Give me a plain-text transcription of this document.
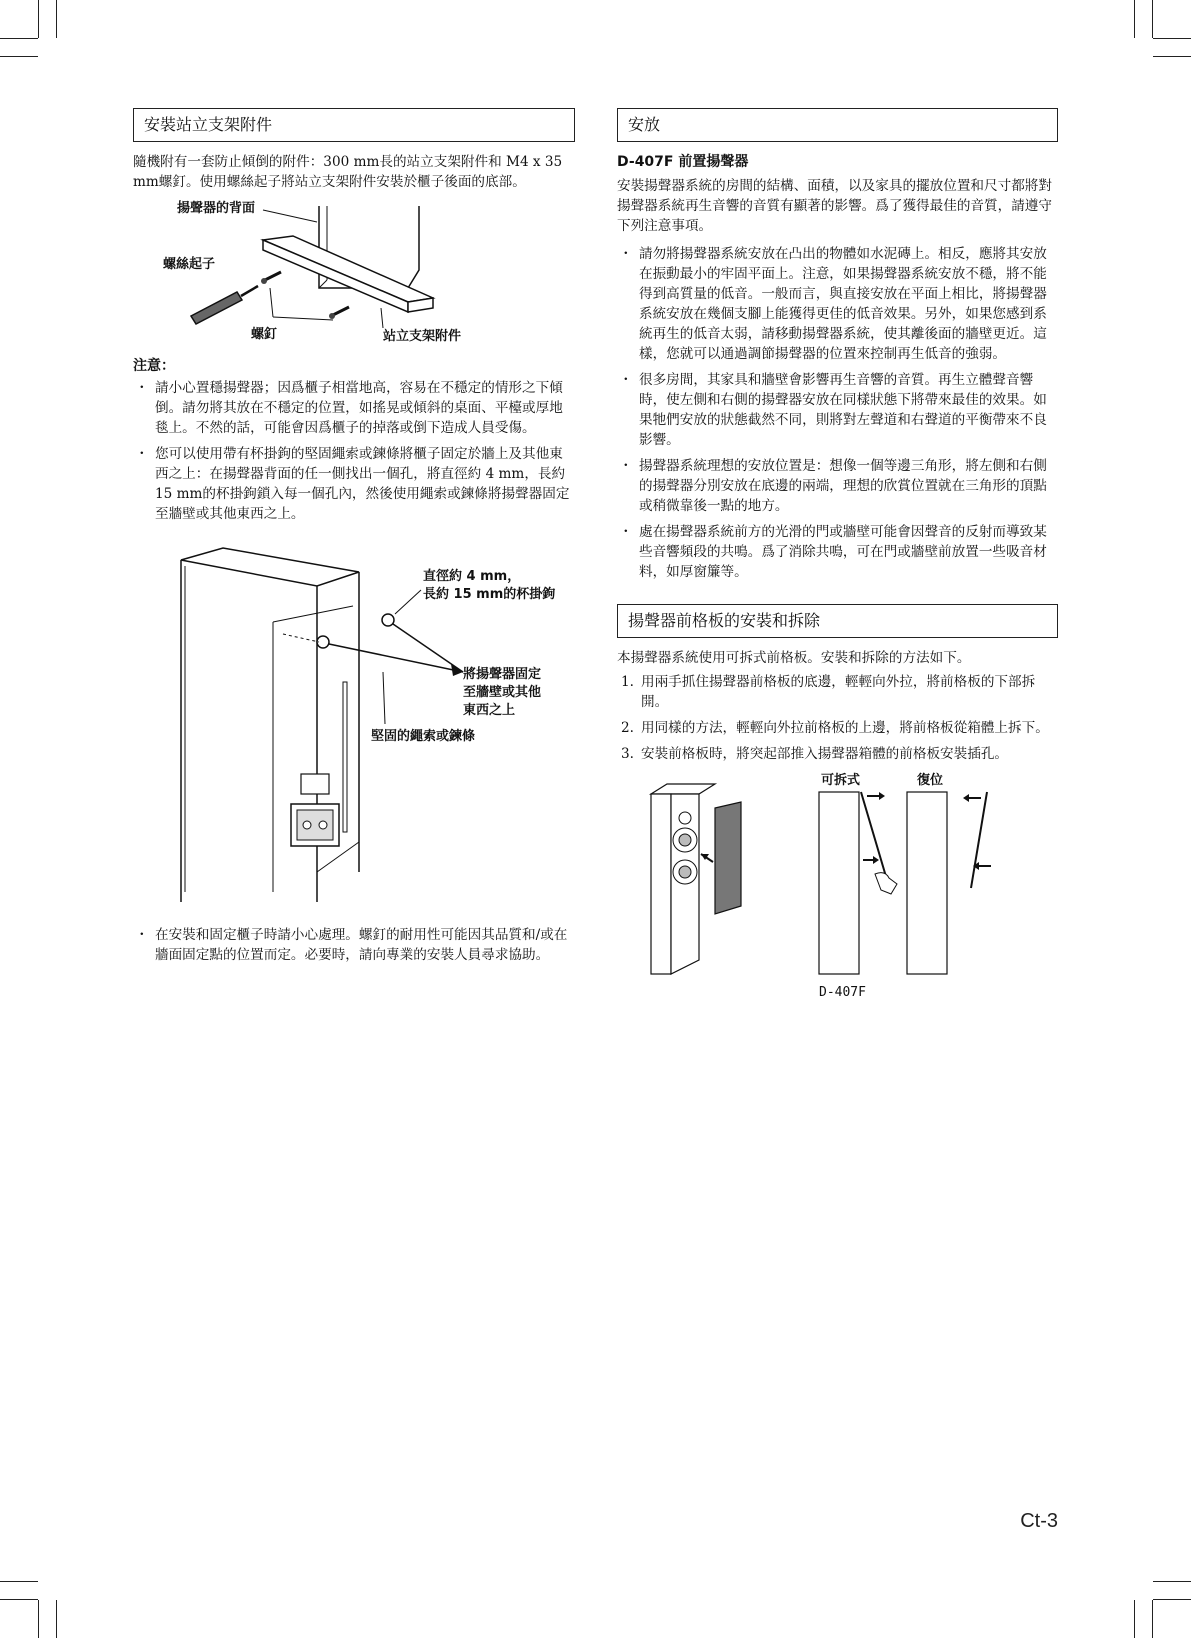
安裝站立支架附件

隨機附有一套防止傾倒的附件：300 mm長的站立支架附件和 M4 x 35 mm螺釘。使用螺絲起子將站立支架附件安裝於櫃子後面的底部。

揚聲器的背面
螺絲起子
螺釘	站立支架附件

注意：

・ 請小心置穩揚聲器；因爲櫃子相當地高，容易在不穩定的情形之下傾倒。請勿將其放在不穩定的位置，如搖晃或傾斜的桌面、平檯或厚地毯上。不然的話，可能會因爲櫃子的掉落或倒下造成人員受傷。
・ 您可以使用帶有杯掛鉤的堅固繩索或鍊條將櫃子固定於牆上及其他東西之上：在揚聲器背面的任一側找出一個孔，將直徑約 4 mm，長約 15 mm的杯掛鉤鎖入每一個孔內，然後使用繩索或鍊條將揚聲器固定至牆壁或其他東西之上。
直徑約 4 mm，
長約 15 mm的杯掛鉤
將揚聲器固定
至牆壁或其他
東西之上
堅固的繩索或鍊條
・ 在安裝和固定櫃子時請小心處理。螺釘的耐用性可能因其品質和/或在牆面固定點的位置而定。必要時，請向專業的安裝人員尋求協助。
安放

D-407F 前置揚聲器

安裝揚聲器系統的房間的結構、面積，以及家具的擺放位置和尺寸都將對揚聲器系統再生音響的音質有顯著的影響。爲了獲得最佳的音質，請遵守下列注意事項。

・ 請勿將揚聲器系統安放在凸出的物體如水泥磚上。相反，應將其安放在振動最小的牢固平面上。注意，如果揚聲器系統安放不穩，將不能得到高質量的低音。一般而言，與直接安放在平面上相比，將揚聲器系統安放在幾個支腳上能獲得更佳的低音效果。另外，如果您感到系統再生的低音太弱，請移動揚聲器系統，使其離後面的牆壁更近。這樣，您就可以通過調節揚聲器的位置來控制再生低音的強弱。
・ 很多房間，其家具和牆壁會影響再生音響的音質。再生立體聲音響時，使左側和右側的揚聲器安放在同樣狀態下將帶來最佳的效果。如果牠們安放的狀態截然不同，則將對左聲道和右聲道的平衡帶來不良影響。
・ 揚聲器系統理想的安放位置是：想像一個等邊三角形，將左側和右側的揚聲器分別安放在底邊的兩端，理想的欣賞位置就在三角形的頂點或稍微靠後一點的地方。
・ 處在揚聲器系統前方的光滑的門或牆壁可能會因聲音的反射而導致某些音響頻段的共鳴。爲了消除共鳴，可在門或牆壁前放置一些吸音材料，如厚窗簾等。
揚聲器前格板的安裝和拆除

本揚聲器系統使用可拆式前格板。安裝和拆除的方法如下。

1. 用兩手抓住揚聲器前格板的底邊，輕輕向外拉，將前格板的下部拆開。
2. 用同樣的方法，輕輕向外拉前格板的上邊，將前格板從箱體上拆下。
3. 安裝前格板時，將突起部推入揚聲器箱體的前格板安裝插孔。
可拆式	復位
D-407F
Ct-3
